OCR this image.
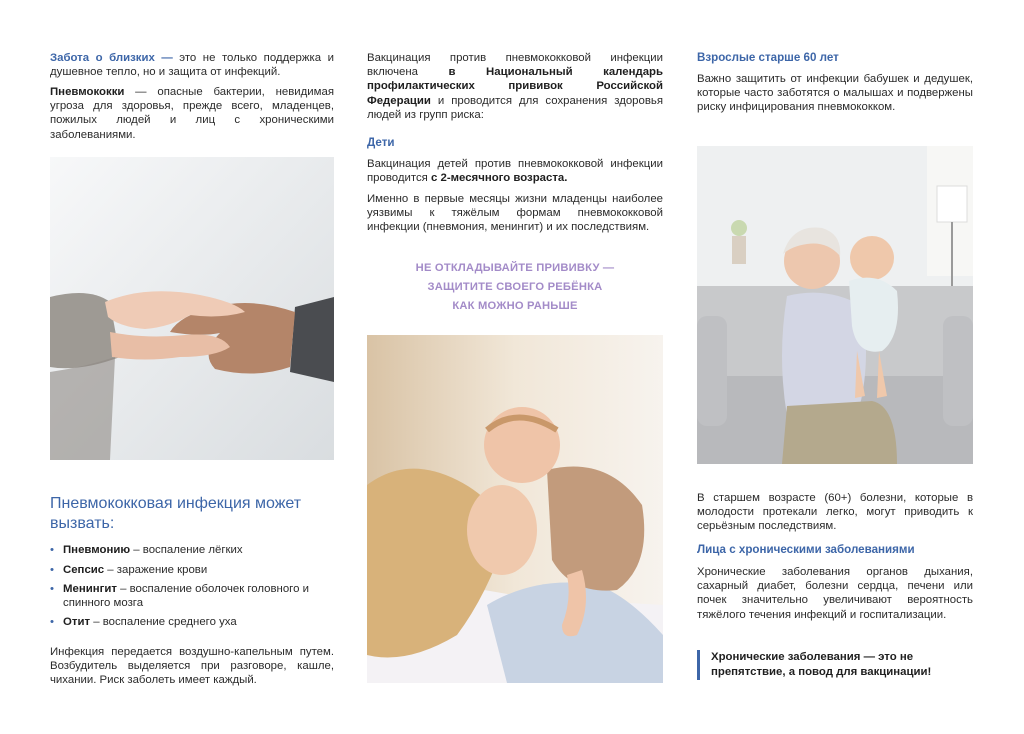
Забота о близких — это не только поддержка и душевное тепло, но и защита от инфекций.

Пневмококки — опасные бактерии, невидимая угроза для здоровья, прежде всего, младенцев, пожилых людей и лиц с хроническими заболеваниями.

Пневмококковая инфекция может вызвать:
• Пневмонию – воспаление лёгких
• Сепсис – заражение крови
• Менингит – воспаление оболочек головного и спинного мозга
• Отит – воспаление среднего уха

Инфекция передается воздушно-капельным путем. Возбудитель выделяется при разговоре, кашле, чихании. Риск заболеть имеет каждый.

Вакцинация против пневмококковой инфекции включена в Национальный календарь профилактических прививок Российской Федерации и проводится для сохранения здоровья людей из групп риска:

Дети

Вакцинация детей против пневмококковой инфекции проводится с 2-месячного возраста.

Именно в первые месяцы жизни младенцы наиболее уязвимы к тяжёлым формам пневмококковой инфекции (пневмония, менингит) и их последствиям.

НЕ ОТКЛАДЫВАЙТЕ ПРИВИВКУ —
ЗАЩИТИТЕ СВОЕГО РЕБЁНКА
КАК МОЖНО РАНЬШЕ
Взрослые старше 60 лет

Важно защитить от инфекции бабушек и дедушек, которые часто заботятся о малышах и подвержены риску инфицирования пневмококком.

В старшем возрасте (60+) болезни, которые в молодости протекали легко, могут приводить к серьёзным последствиям.

Лица с хроническими заболеваниями

Хронические заболевания органов дыхания, сахарный диабет, болезни сердца, печени или почек значительно увеличивают вероятность тяжёлого течения инфекций и госпитализации.

Хронические заболевания — это не препятствие, а повод для вакцинации!
